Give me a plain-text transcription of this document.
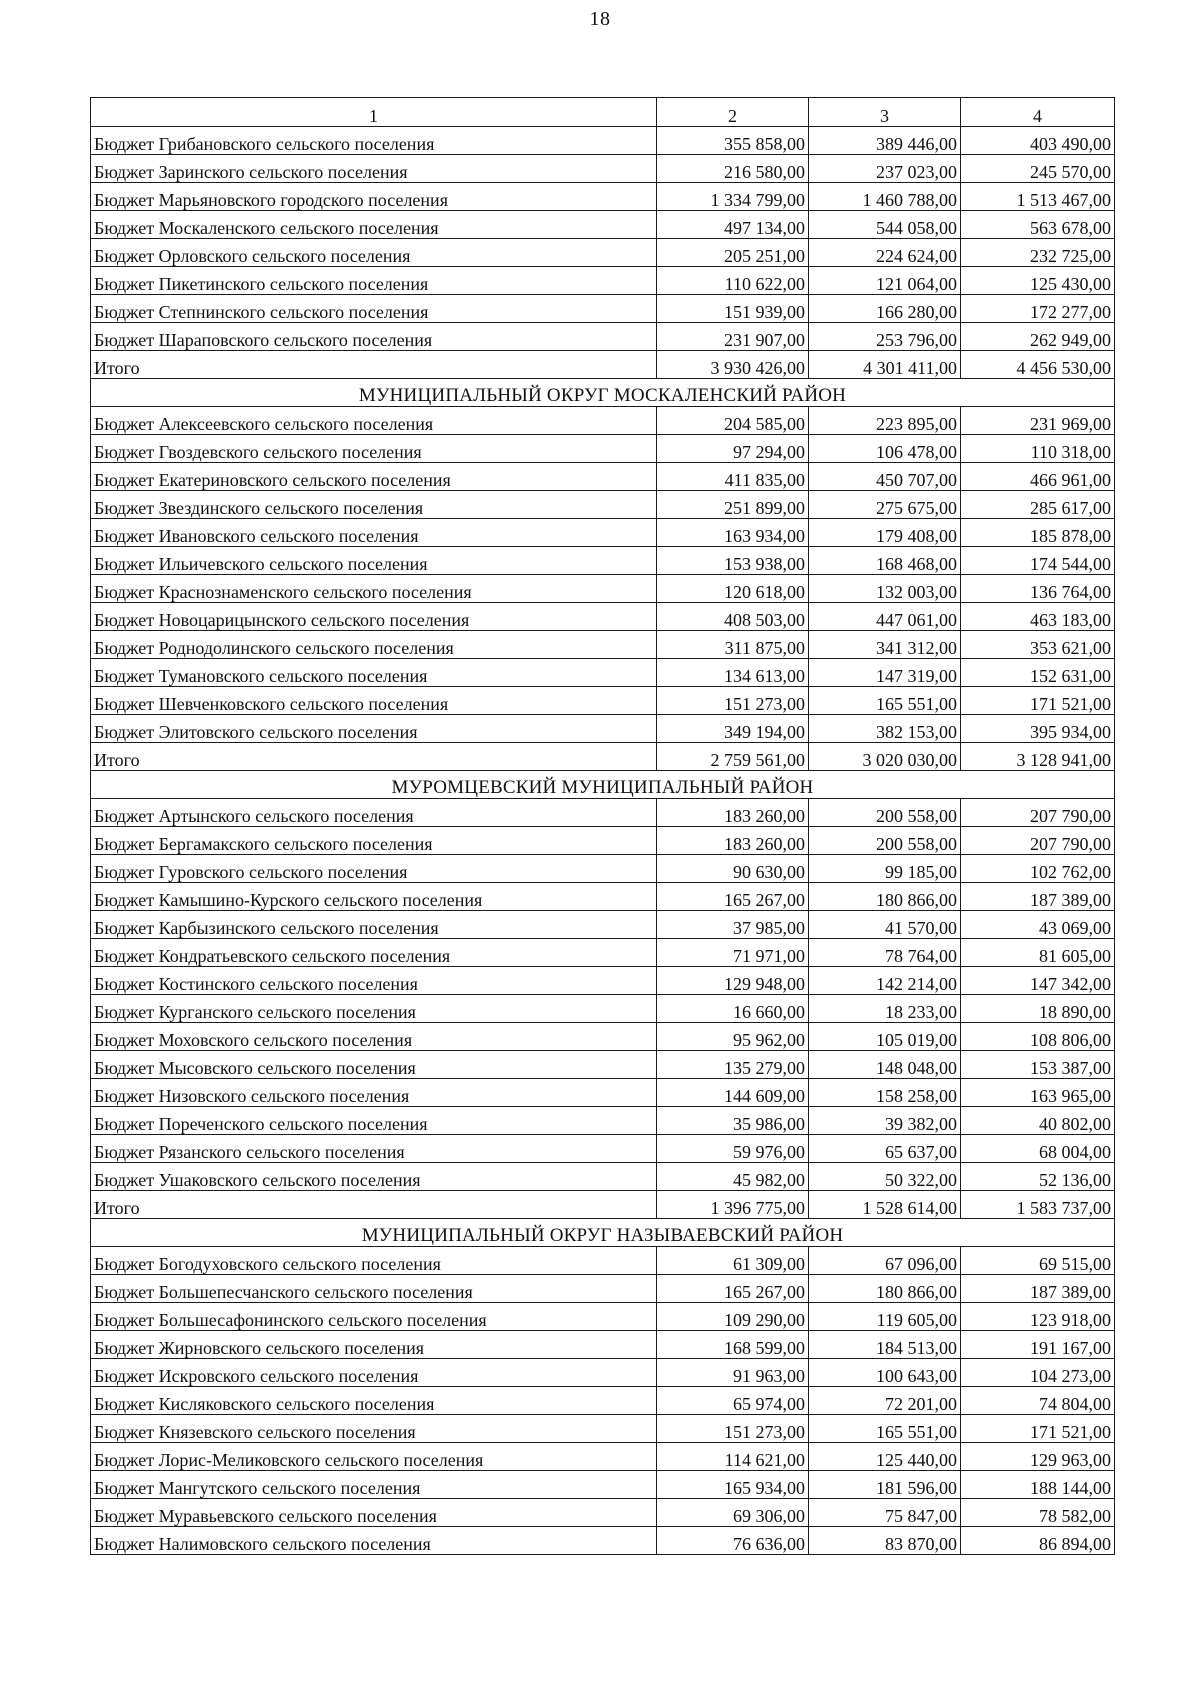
18
1	2	3	4
Бюджет Грибановского сельского поселения	355 858,00	389 446,00	403 490,00
Бюджет Заринского сельского поселения	216 580,00	237 023,00	245 570,00
Бюджет Марьяновского городского поселения	1 334 799,00	1 460 788,00	1 513 467,00
Бюджет Москаленского сельского поселения	497 134,00	544 058,00	563 678,00
Бюджет Орловского сельского поселения	205 251,00	224 624,00	232 725,00
Бюджет Пикетинского сельского поселения	110 622,00	121 064,00	125 430,00
Бюджет Степнинского сельского поселения	151 939,00	166 280,00	172 277,00
Бюджет Шараповского сельского поселения	231 907,00	253 796,00	262 949,00
Итого	3 930 426,00	4 301 411,00	4 456 530,00
МУНИЦИПАЛЬНЫЙ ОКРУГ МОСКАЛЕНСКИЙ РАЙОН			
Бюджет Алексеевского сельского поселения	204 585,00	223 895,00	231 969,00
Бюджет Гвоздевского сельского поселения	97 294,00	106 478,00	110 318,00
Бюджет Екатериновского сельского поселения	411 835,00	450 707,00	466 961,00
Бюджет Звездинского сельского поселения	251 899,00	275 675,00	285 617,00
Бюджет Ивановского сельского поселения	163 934,00	179 408,00	185 878,00
Бюджет Ильичевского сельского поселения	153 938,00	168 468,00	174 544,00
Бюджет Краснознаменского сельского поселения	120 618,00	132 003,00	136 764,00
Бюджет Новоцарицынского сельского поселения	408 503,00	447 061,00	463 183,00
Бюджет Роднодолинского сельского поселения	311 875,00	341 312,00	353 621,00
Бюджет Тумановского сельского поселения	134 613,00	147 319,00	152 631,00
Бюджет Шевченковского сельского поселения	151 273,00	165 551,00	171 521,00
Бюджет Элитовского сельского поселения	349 194,00	382 153,00	395 934,00
Итого	2 759 561,00	3 020 030,00	3 128 941,00
МУРОМЦЕВСКИЙ МУНИЦИПАЛЬНЫЙ РАЙОН			
Бюджет Артынского сельского поселения	183 260,00	200 558,00	207 790,00
Бюджет Бергамакского сельского поселения	183 260,00	200 558,00	207 790,00
Бюджет Гуровского сельского поселения	90 630,00	99 185,00	102 762,00
Бюджет Камышино-Курского сельского поселения	165 267,00	180 866,00	187 389,00
Бюджет Карбызинского сельского поселения	37 985,00	41 570,00	43 069,00
Бюджет Кондратьевского сельского поселения	71 971,00	78 764,00	81 605,00
Бюджет Костинского сельского поселения	129 948,00	142 214,00	147 342,00
Бюджет Курганского сельского поселения	16 660,00	18 233,00	18 890,00
Бюджет Моховского сельского поселения	95 962,00	105 019,00	108 806,00
Бюджет Мысовского сельского поселения	135 279,00	148 048,00	153 387,00
Бюджет Низовского сельского поселения	144 609,00	158 258,00	163 965,00
Бюджет Пореченского сельского поселения	35 986,00	39 382,00	40 802,00
Бюджет Рязанского сельского поселения	59 976,00	65 637,00	68 004,00
Бюджет Ушаковского сельского поселения	45 982,00	50 322,00	52 136,00
Итого	1 396 775,00	1 528 614,00	1 583 737,00
МУНИЦИПАЛЬНЫЙ ОКРУГ НАЗЫВАЕВСКИЙ РАЙОН			
Бюджет Богодуховского сельского поселения	61 309,00	67 096,00	69 515,00
Бюджет Большепесчанского сельского поселения	165 267,00	180 866,00	187 389,00
Бюджет Большесафонинского сельского поселения	109 290,00	119 605,00	123 918,00
Бюджет Жирновского сельского поселения	168 599,00	184 513,00	191 167,00
Бюджет Искровского сельского поселения	91 963,00	100 643,00	104 273,00
Бюджет Кисляковского сельского поселения	65 974,00	72 201,00	74 804,00
Бюджет Князевского сельского поселения	151 273,00	165 551,00	171 521,00
Бюджет Лорис-Меликовского сельского поселения	114 621,00	125 440,00	129 963,00
Бюджет Мангутского сельского поселения	165 934,00	181 596,00	188 144,00
Бюджет Муравьевского сельского поселения	69 306,00	75 847,00	78 582,00
Бюджет Налимовского сельского поселения	76 636,00	83 870,00	86 894,00
